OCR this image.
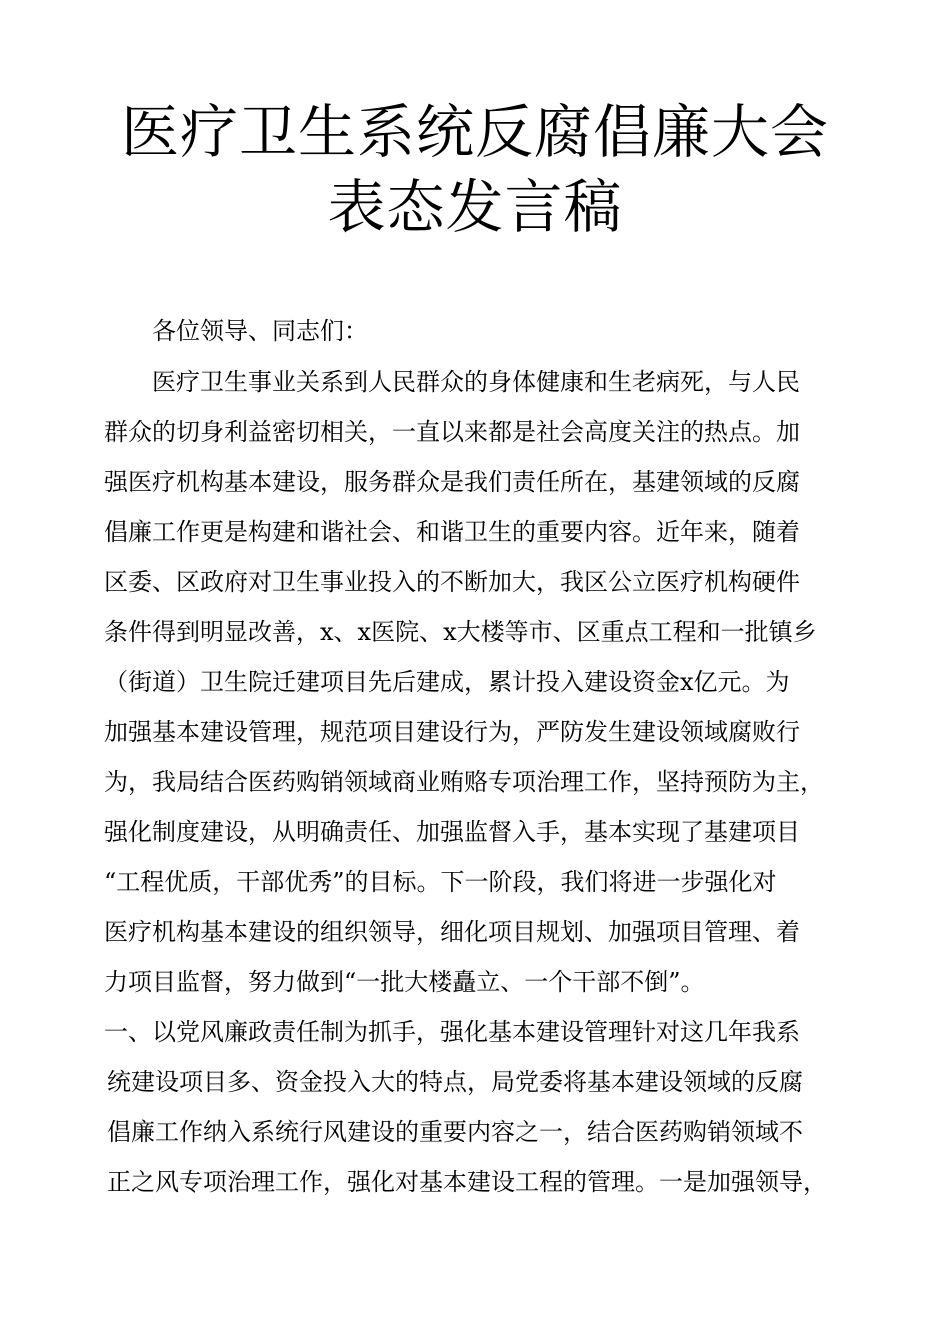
医疗卫生系统反腐倡廉大会
表态发言稿
各位领导、同志们：
医疗卫生事业关系到人民群众的身体健康和生老病死，与人民
群众的切身利益密切相关，一直以来都是社会高度关注的热点。加
强医疗机构基本建设，服务群众是我们责任所在，基建领域的反腐
倡廉工作更是构建和谐社会、和谐卫生的重要内容。近年来，随着
区委、区政府对卫生事业投入的不断加大，我区公立医疗机构硬件
条件得到明显改善，x、x医院、x大楼等市、区重点工程和一批镇乡
（街道）卫生院迁建项目先后建成，累计投入建设资金x亿元。为
加强基本建设管理，规范项目建设行为，严防发生建设领域腐败行
为，我局结合医药购销领域商业贿赂专项治理工作，坚持预防为主，
强化制度建设，从明确责任、加强监督入手，基本实现了基建项目
“工程优质，干部优秀”的目标。下一阶段，我们将进一步强化对
医疗机构基本建设的组织领导，细化项目规划、加强项目管理、着
力项目监督，努力做到“一批大楼矗立、一个干部不倒”。
一、以党风廉政责任制为抓手，强化基本建设管理针对这几年我系
统建设项目多、资金投入大的特点，局党委将基本建设领域的反腐
倡廉工作纳入系统行风建设的重要内容之一，结合医药购销领域不
正之风专项治理工作，强化对基本建设工程的管理。一是加强领导，
